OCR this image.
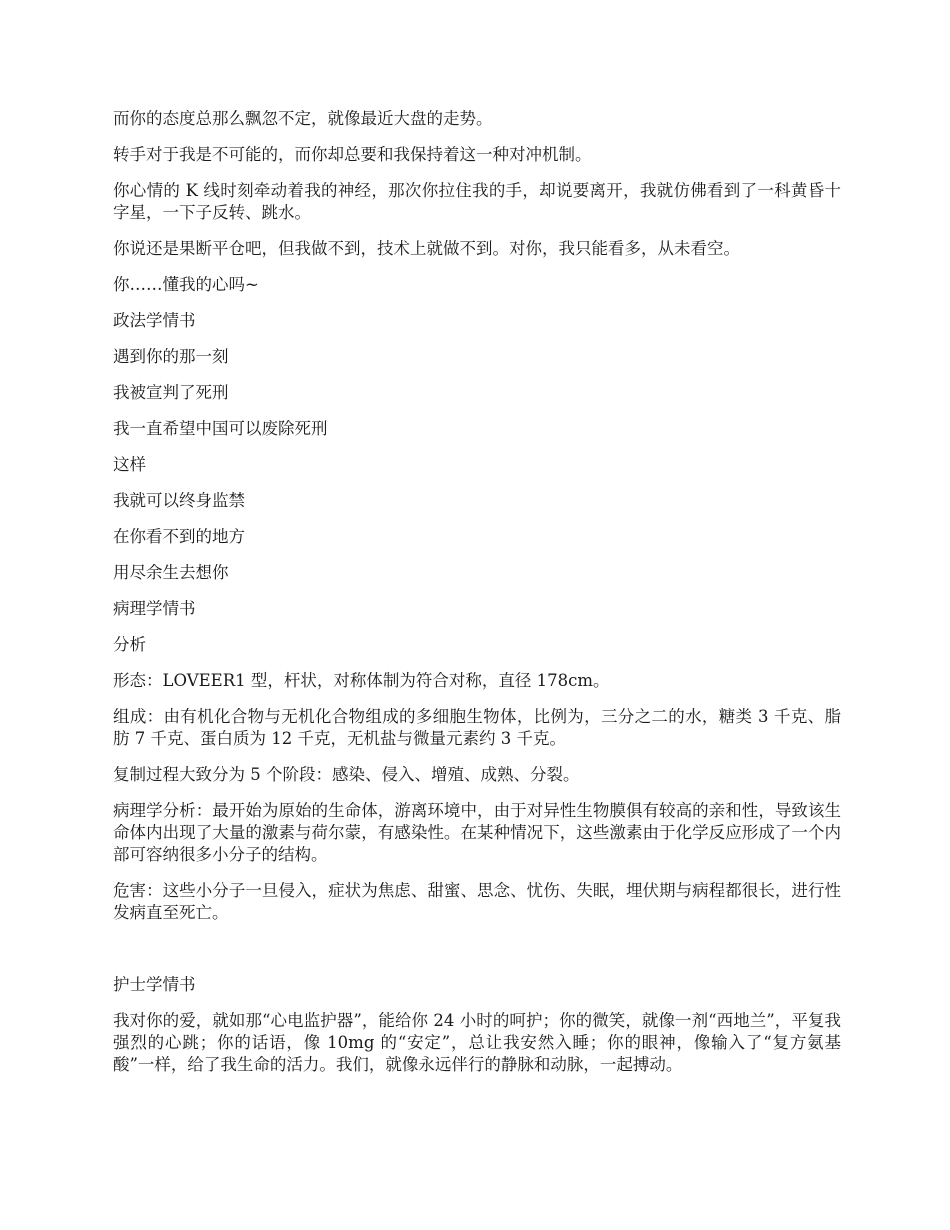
而你的态度总那么飘忽不定，就像最近大盘的走势。

转手对于我是不可能的，而你却总要和我保持着这一种对冲机制。

你心情的 K 线时刻牵动着我的神经，那次你拉住我的手，却说要离开，我就仿佛看到了一科黄昏十字星，一下子反转、跳水。

你说还是果断平仓吧，但我做不到，技术上就做不到。对你，我只能看多，从未看空。

你……懂我的心吗~

政法学情书

遇到你的那一刻

我被宣判了死刑

我一直希望中国可以废除死刑

这样

我就可以终身监禁

在你看不到的地方

用尽余生去想你

病理学情书

分析

形态：LOVEER1 型，杆状，对称体制为符合对称，直径 178cm。

组成：由有机化合物与无机化合物组成的多细胞生物体，比例为，三分之二的水，糖类 3 千克、脂肪 7 千克、蛋白质为 12 千克，无机盐与微量元素约 3 千克。

复制过程大致分为 5 个阶段：感染、侵入、增殖、成熟、分裂。

病理学分析：最开始为原始的生命体，游离环境中，由于对异性生物膜俱有较高的亲和性，导致该生命体内出现了大量的激素与荷尔蒙，有感染性。在某种情况下，这些激素由于化学反应形成了一个内部可容纳很多小分子的结构。

危害：这些小分子一旦侵入，症状为焦虑、甜蜜、思念、忧伤、失眠，埋伏期与病程都很长，进行性发病直至死亡。

护士学情书

我对你的爱，就如那“心电监护器”，能给你 24 小时的呵护；你的微笑，就像一剂“西地兰”，平复我强烈的心跳；你的话语，像 10mg 的“安定”，总让我安然入睡；你的眼神，像输入了“复方氨基酸”一样，给了我生命的活力。我们，就像永远伴行的静脉和动脉，一起搏动。
